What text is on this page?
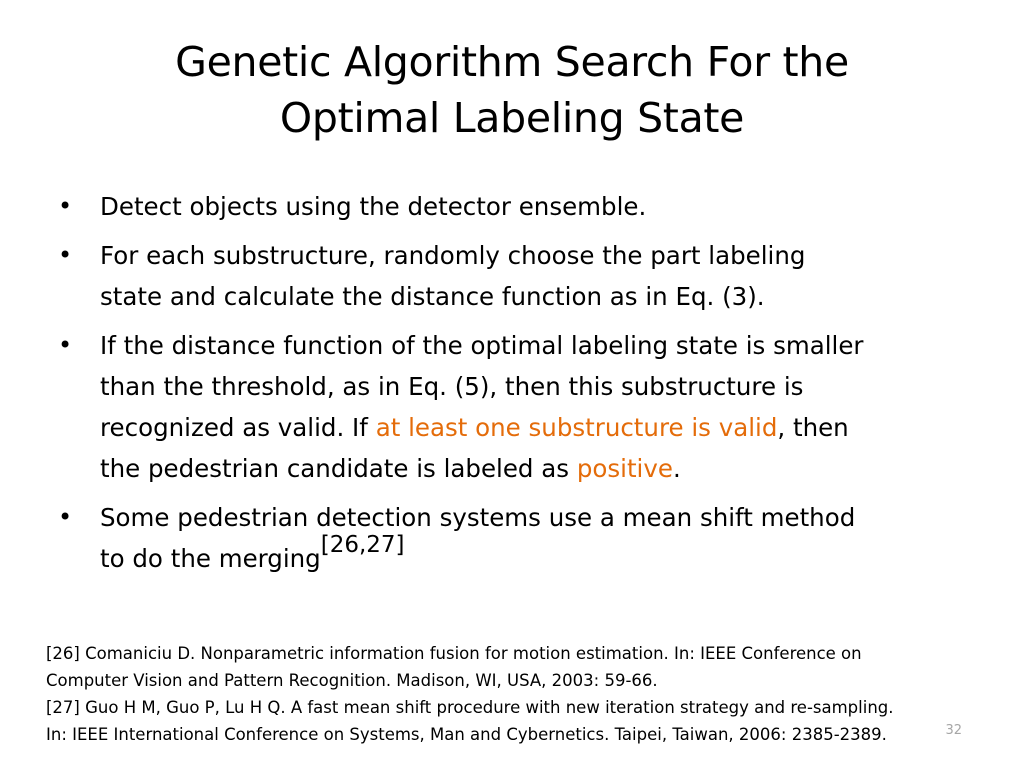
Genetic Algorithm Search For the
Optimal Labeling State
• Detect objects using the detector ensemble.
• For each substructure, randomly choose the part labeling
state and calculate the distance function as in Eq. (3).
• If the distance function of the optimal labeling state is smaller
than the threshold, as in Eq. (5), then this substructure is
recognized as valid. If at least one substructure is valid, then
the pedestrian candidate is labeled as positive.
• Some pedestrian detection systems use a mean shift method
to do the merging[26,27]
[26] Comaniciu D. Nonparametric information fusion for motion estimation. In: IEEE Conference on
Computer Vision and Pattern Recognition. Madison, WI, USA, 2003: 59-66.
[27] Guo H M, Guo P, Lu H Q. A fast mean shift procedure with new iteration strategy and re-sampling.
In: IEEE International Conference on Systems, Man and Cybernetics. Taipei, Taiwan, 2006: 2385-2389.	32
